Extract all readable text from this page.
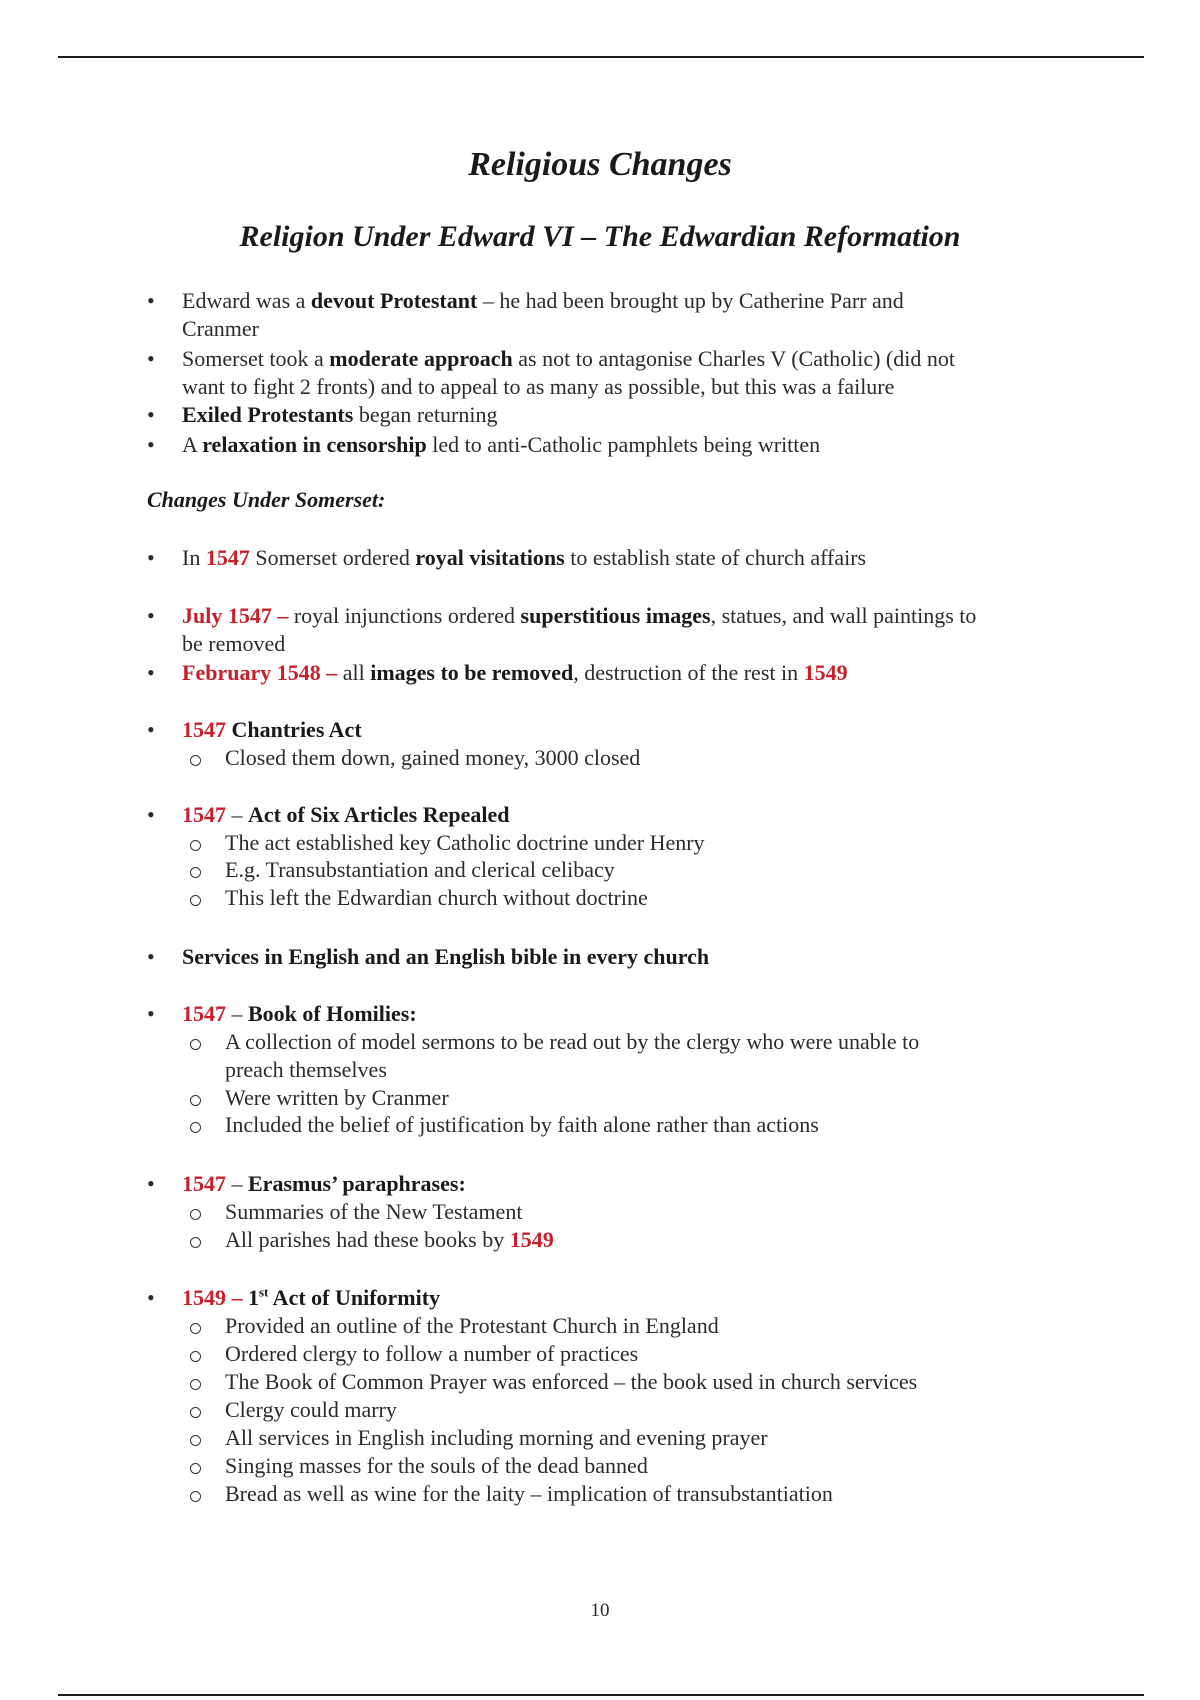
Religious Changes
Religion Under Edward VI – The Edwardian Reformation
• Edward was a devout Protestant – he had been brought up by Catherine Parr and
Cranmer
• Somerset took a moderate approach as not to antagonise Charles V (Catholic) (did not
want to fight 2 fronts) and to appeal to as many as possible, but this was a failure
• Exiled Protestants began returning
• A relaxation in censorship led to anti-Catholic pamphlets being written
Changes Under Somerset:
• In 1547 Somerset ordered royal visitations to establish state of church affairs
• July 1547 – royal injunctions ordered superstitious images, statues, and wall paintings to
be removed
• February 1548 – all images to be removed, destruction of the rest in 1549
• 1547 Chantries Act
Closed them down, gained money, 3000 closed
• 1547 – Act of Six Articles Repealed
The act established key Catholic doctrine under Henry
E.g. Transubstantiation and clerical celibacy
This left the Edwardian church without doctrine
• Services in English and an English bible in every church
• 1547 – Book of Homilies:
A collection of model sermons to be read out by the clergy who were unable to
preach themselves
Were written by Cranmer
Included the belief of justification by faith alone rather than actions
• 1547 – Erasmus’ paraphrases:
Summaries of the New Testament
All parishes had these books by 1549
• 1549 – 1st Act of Uniformity
Provided an outline of the Protestant Church in England
Ordered clergy to follow a number of practices
The Book of Common Prayer was enforced – the book used in church services
Clergy could marry
All services in English including morning and evening prayer
Singing masses for the souls of the dead banned
Bread as well as wine for the laity – implication of transubstantiation
10
